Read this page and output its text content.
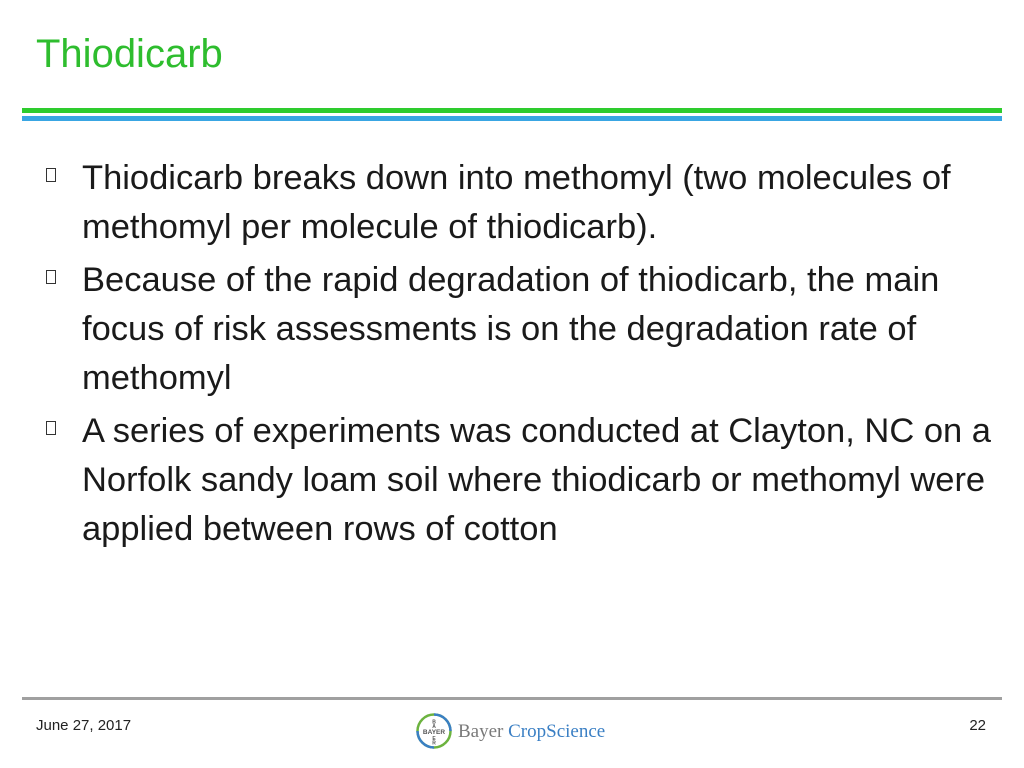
Thiodicarb
Thiodicarb breaks down into methomyl (two molecules of methomyl per molecule of thiodicarb).
Because of the rapid degradation of thiodicarb, the main focus of risk assessments is on the degradation rate of methomyl
A series of experiments was conducted at Clayton, NC on a Norfolk sandy loam soil where thiodicarb or methomyl were applied between rows of cotton
June 27, 2017	BAYER
B
A
E
R
Bayer CropScience	22
